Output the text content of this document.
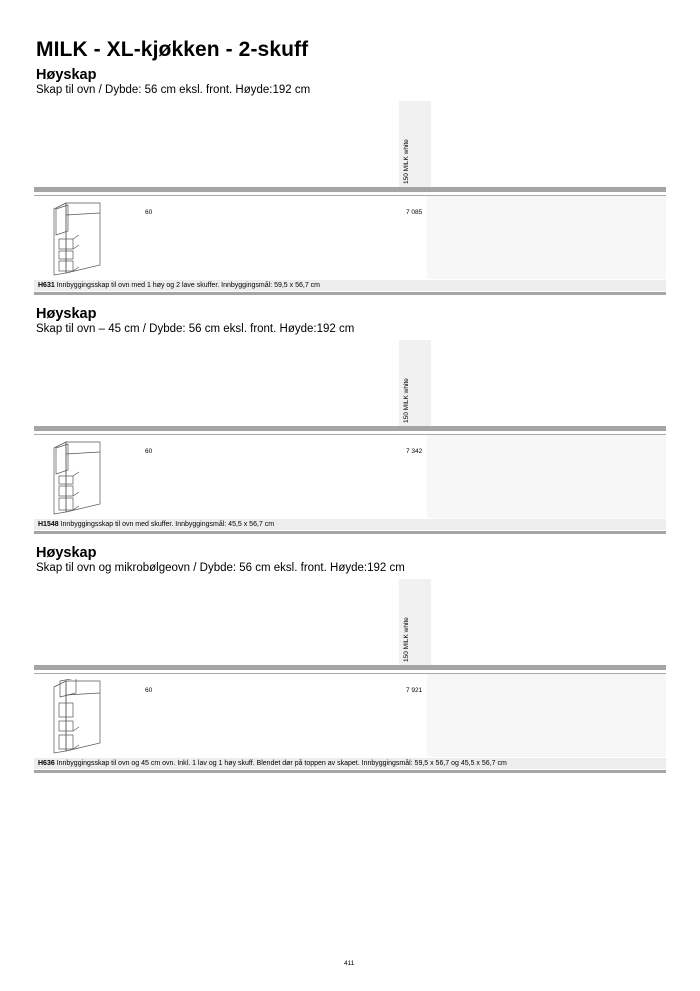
MILK - XL-kjøkken - 2-skuff
Høyskap
Skap til ovn / Dybde: 56 cm eksl. front. Høyde:192 cm
150 MILK white
60	7 085
H631 Innbyggingsskap til ovn med 1 høy og 2 lave skuffer. Innbyggingsmål: 59,5 x 56,7 cm
Høyskap
Skap til ovn – 45 cm / Dybde: 56 cm eksl. front. Høyde:192 cm
150 MILK white
60	7 342
H1548 Innbyggingsskap til ovn med skuffer. Innbyggingsmål: 45,5 x 56,7 cm
Høyskap
Skap til ovn og mikrobølgeovn / Dybde: 56 cm eksl. front. Høyde:192 cm
150 MILK white
60	7 921
H636 Innbyggingsskap til ovn og 45 cm ovn. Inkl. 1 lav og 1 høy skuff. Blendet dør på toppen av skapet. Innbyggingsmål: 59,5 x 56,7 og 45,5 x 56,7 cm
411
